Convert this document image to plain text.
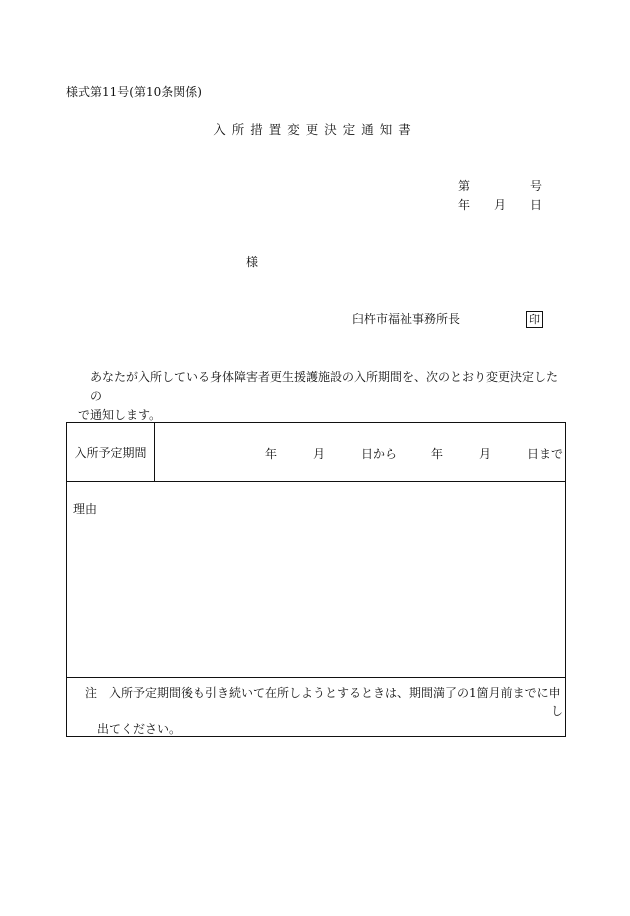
様式第11号(第10条関係)
入所措置変更決定通知書
第	号
年 月 日
様
臼杵市福祉事務所長	印

あなたが入所している身体障害者更生援護施設の入所期間を、次のとおり変更決定したの

で通知します。

入所予定期間	年	月	日から	年	月	日まで

理由

注　入所予定期間後も引き続いて在所しようとするときは、期間満了の1箇月前までに申
し
出てください。
